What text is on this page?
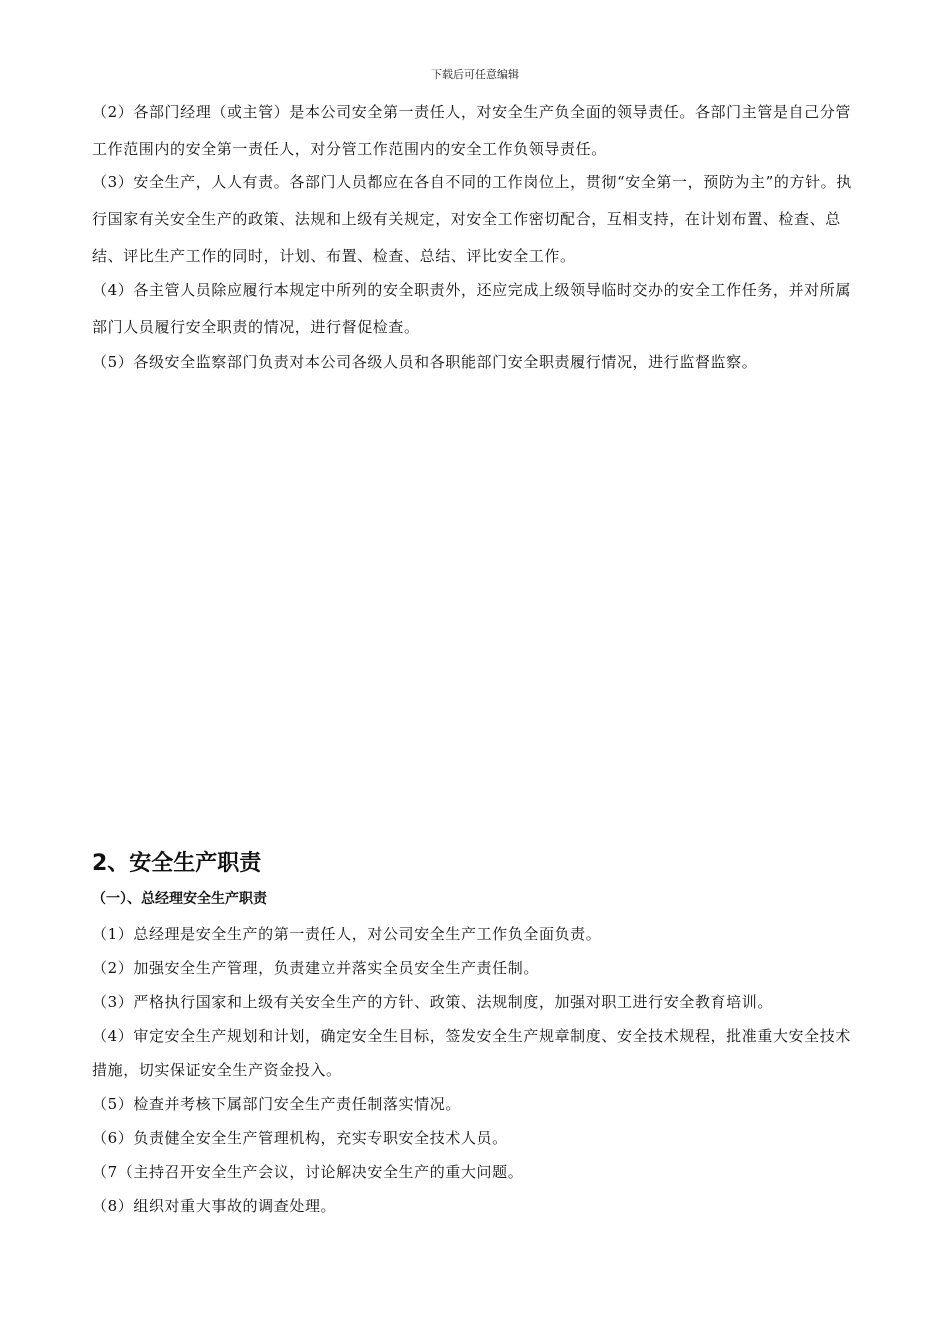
下载后可任意编辑
（2）各部门经理（或主管）是本公司安全第一责任人，对安全生产负全面的领导责任。各部门主管是自己分管工作范围内的安全第一责任人，对分管工作范围内的安全工作负领导责任。
（3）安全生产，人人有责。各部门人员都应在各自不同的工作岗位上，贯彻“安全第一，预防为主”的方针。执行国家有关安全生产的政策、法规和上级有关规定，对安全工作密切配合，互相支持，在计划布置、检查、总结、评比生产工作的同时，计划、布置、检查、总结、评比安全工作。
（4）各主管人员除应履行本规定中所列的安全职责外，还应完成上级领导临时交办的安全工作任务，并对所属部门人员履行安全职责的情况，进行督促检查。
（5）各级安全监察部门负责对本公司各级人员和各职能部门安全职责履行情况，进行监督监察。
2、安全生产职责
（一）、总经理安全生产职责
（1）总经理是安全生产的第一责任人，对公司安全生产工作负全面负责。
（2）加强安全生产管理，负责建立并落实全员安全生产责任制。
（3）严格执行国家和上级有关安全生产的方针、政策、法规制度，加强对职工进行安全教育培训。
（4）审定安全生产规划和计划，确定安全生目标，签发安全生产规章制度、安全技术规程，批准重大安全技术措施，切实保证安全生产资金投入。
（5）检查并考核下属部门安全生产责任制落实情况。
（6）负责健全安全生产管理机构，充实专职安全技术人员。
（7（主持召开安全生产会议，讨论解决安全生产的重大问题。
（8）组织对重大事故的调查处理。
